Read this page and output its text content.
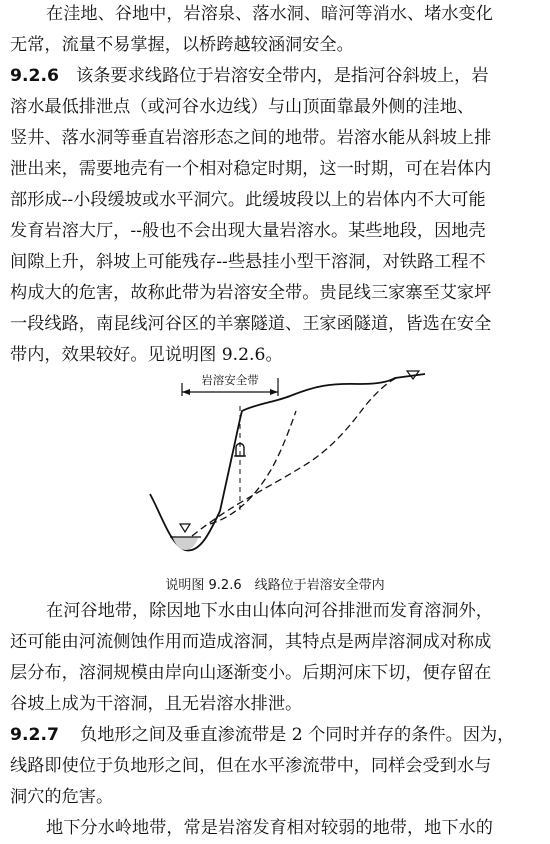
在洼地、谷地中，岩溶泉、落水洞、暗河等消水、堵水变化
无常，流量不易掌握，以桥跨越较涵洞安全。
9.2.6 该条要求线路位于岩溶安全带内，是指河谷斜坡上，岩
溶水最低排泄点（或河谷水边线）与山顶面靠最外侧的洼地、
竖井、落水洞等垂直岩溶形态之间的地带。岩溶水能从斜坡上排
泄出来，需要地壳有一个相对稳定时期，这一时期，可在岩体内
部形成--小段缓坡或水平洞穴。此缓坡段以上的岩体内不大可能
发育岩溶大厅，--般也不会出现大量岩溶水。某些地段，因地壳
间隙上升，斜坡上可能残存--些悬挂小型干溶洞，对铁路工程不
构成大的危害，故称此带为岩溶安全带。贵昆线三家寨至艾家坪
一段线路，南昆线河谷区的羊寨隧道、王家函隧道，皆选在安全
带内，效果较好。见说明图 9.2.6。
岩溶安全带
说明图 9.2.6　线路位于岩溶安全带内
在河谷地带，除因地下水由山体向河谷排泄而发育溶洞外，
还可能由河流侧蚀作用而造成溶洞，其特点是两岸溶洞成对称成
层分布，溶洞规模由岸向山逐渐变小。后期河床下切，便存留在
谷坡上成为干溶洞，且无岩溶水排泄。
9.2.7 负地形之间及垂直渗流带是 2 个同时并存的条件。因为，
线路即使位于负地形之间，但在水平渗流带中，同样会受到水与
洞穴的危害。
地下分水岭地带，常是岩溶发育相对较弱的地带，地下水的
